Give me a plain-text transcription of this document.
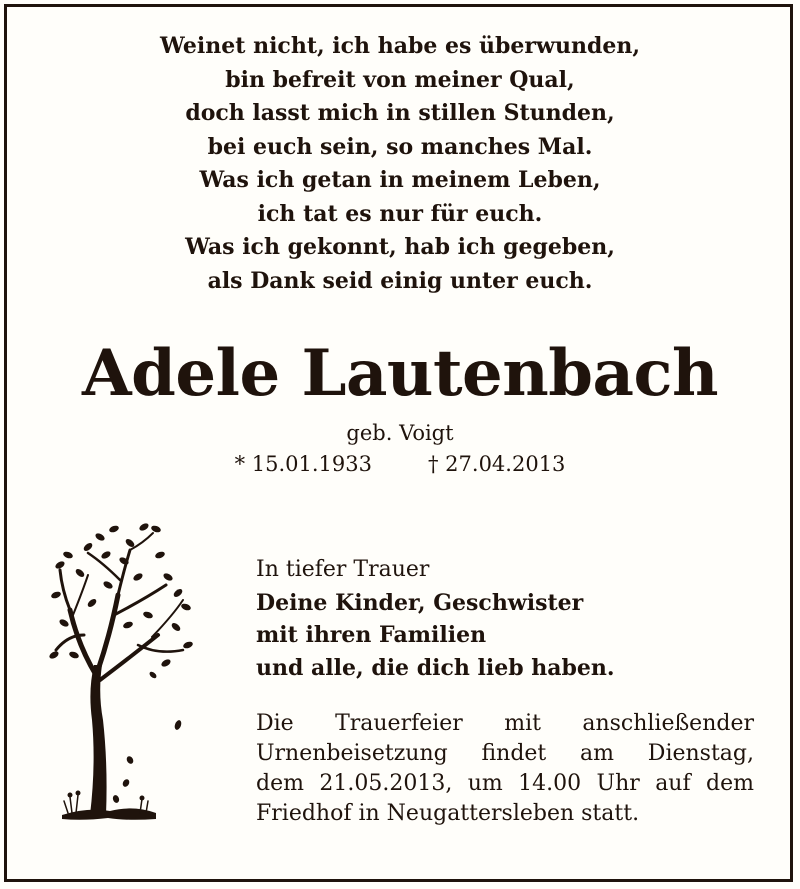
Weinet nicht, ich habe es überwunden,
bin befreit von meiner Qual,
doch lasst mich in stillen Stunden,
bei euch sein, so manches Mal.
Was ich getan in meinem Leben,
ich tat es nur für euch.
Was ich gekonnt, hab ich gegeben,
als Dank seid einig unter euch.
Adele Lautenbach
geb. Voigt
* 15.01.1933	† 27.04.2013
In tiefer Trauer
Deine Kinder, Geschwister
mit ihren Familien
und alle, die dich lieb haben.
Die Trauerfeier mit anschließender
Urnenbeisetzung findet am Dienstag,
dem 21.05.2013, um 14.00 Uhr auf dem
Friedhof in Neugattersleben statt.
